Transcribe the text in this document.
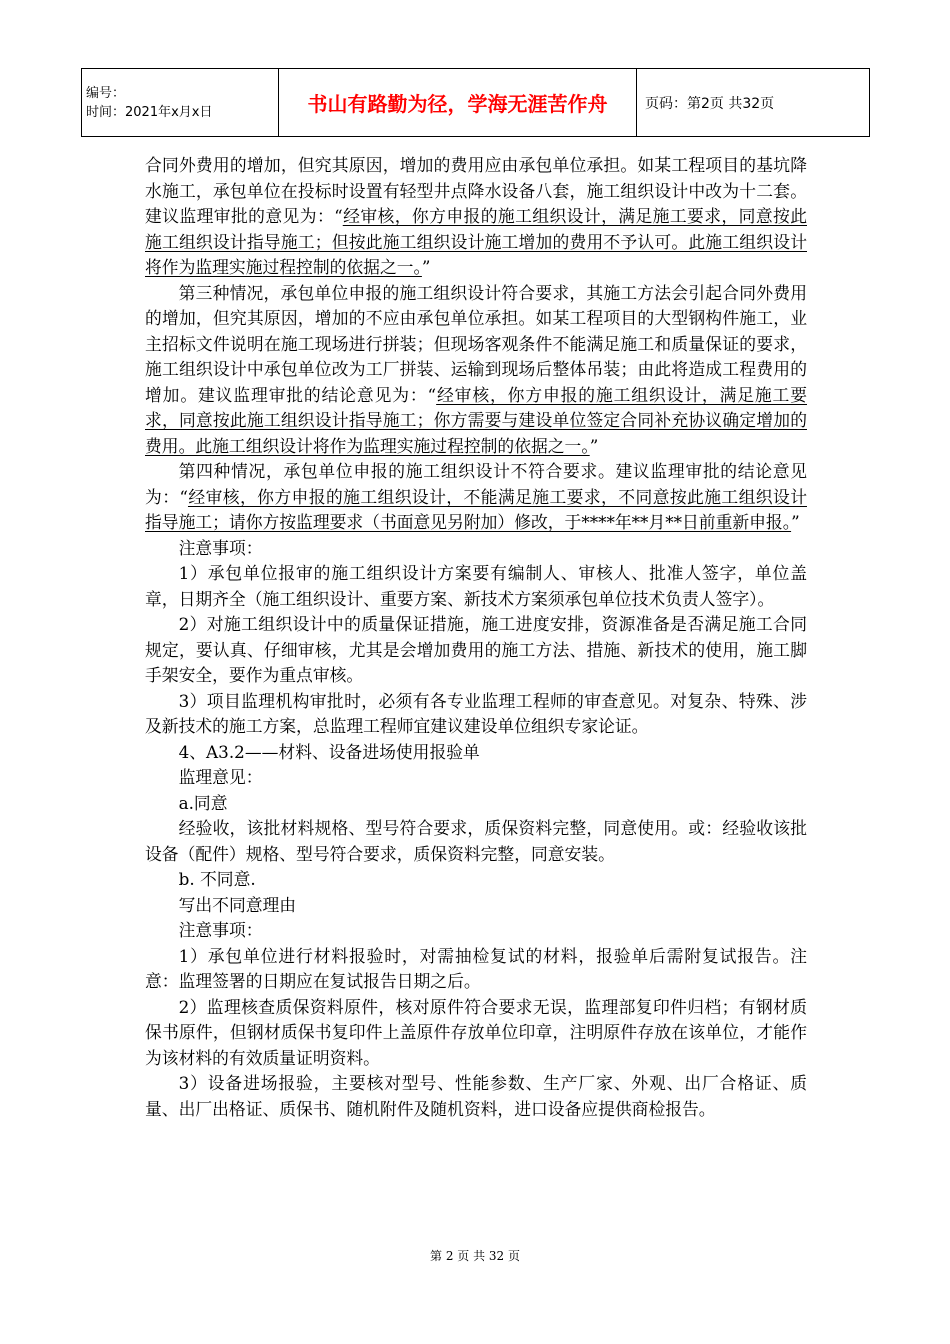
编号：
时间：2021年x月x日	书山有路勤为径，学海无涯苦作舟	页码：第2页 共32页

合同外费用的增加，但究其原因，增加的费用应由承包单位承担。如某工程项目的基坑降水施工，承包单位在投标时设置有轻型井点降水设备八套，施工组织设计中改为十二套。建议监理审批的意见为：“经审核，你方申报的施工组织设计，满足施工要求，同意按此施工组织设计指导施工；但按此施工组织设计施工增加的费用不予认可。此施工组织设计将作为监理实施过程控制的依据之一。”

第三种情况，承包单位申报的施工组织设计符合要求，其施工方法会引起合同外费用的增加，但究其原因，增加的不应由承包单位承担。如某工程项目的大型钢构件施工，业主招标文件说明在施工现场进行拼装；但现场客观条件不能满足施工和质量保证的要求，施工组织设计中承包单位改为工厂拼装、运输到现场后整体吊装；由此将造成工程费用的增加。建议监理审批的结论意见为：“经审核，你方申报的施工组织设计，满足施工要求，同意按此施工组织设计指导施工；你方需要与建设单位签定合同补充协议确定增加的费用。此施工组织设计将作为监理实施过程控制的依据之一。”

第四种情况，承包单位申报的施工组织设计不符合要求。建议监理审批的结论意见为：“经审核，你方申报的施工组织设计，不能满足施工要求，不同意按此施工组织设计指导施工；请你方按监理要求（书面意见另附加）修改，于****年**月**日前重新申报。”

注意事项：

1）承包单位报审的施工组织设计方案要有编制人、审核人、批准人签字，单位盖章，日期齐全（施工组织设计、重要方案、新技术方案须承包单位技术负责人签字）。

2）对施工组织设计中的质量保证措施，施工进度安排，资源准备是否满足施工合同规定，要认真、仔细审核，尤其是会增加费用的施工方法、措施、新技术的使用，施工脚手架安全，要作为重点审核。

3）项目监理机构审批时，必须有各专业监理工程师的审查意见。对复杂、特殊、涉及新技术的施工方案，总监理工程师宜建议建设单位组织专家论证。

4、A3.2——材料、设备进场使用报验单

监理意见：

a.同意

经验收，该批材料规格、型号符合要求，质保资料完整，同意使用。或：经验收该批设备（配件）规格、型号符合要求，质保资料完整，同意安装。

b. 不同意.

写出不同意理由

注意事项：

1）承包单位进行材料报验时，对需抽检复试的材料，报验单后需附复试报告。注意：监理签署的日期应在复试报告日期之后。

2）监理核查质保资料原件，核对原件符合要求无误，监理部复印件归档；有钢材质保书原件，但钢材质保书复印件上盖原件存放单位印章，注明原件存放在该单位，才能作为该材料的有效质量证明资料。

3）设备进场报验，主要核对型号、性能参数、生产厂家、外观、出厂合格证、质量、出厂出格证、质保书、随机附件及随机资料，进口设备应提供商检报告。

第 2 页 共 32 页
